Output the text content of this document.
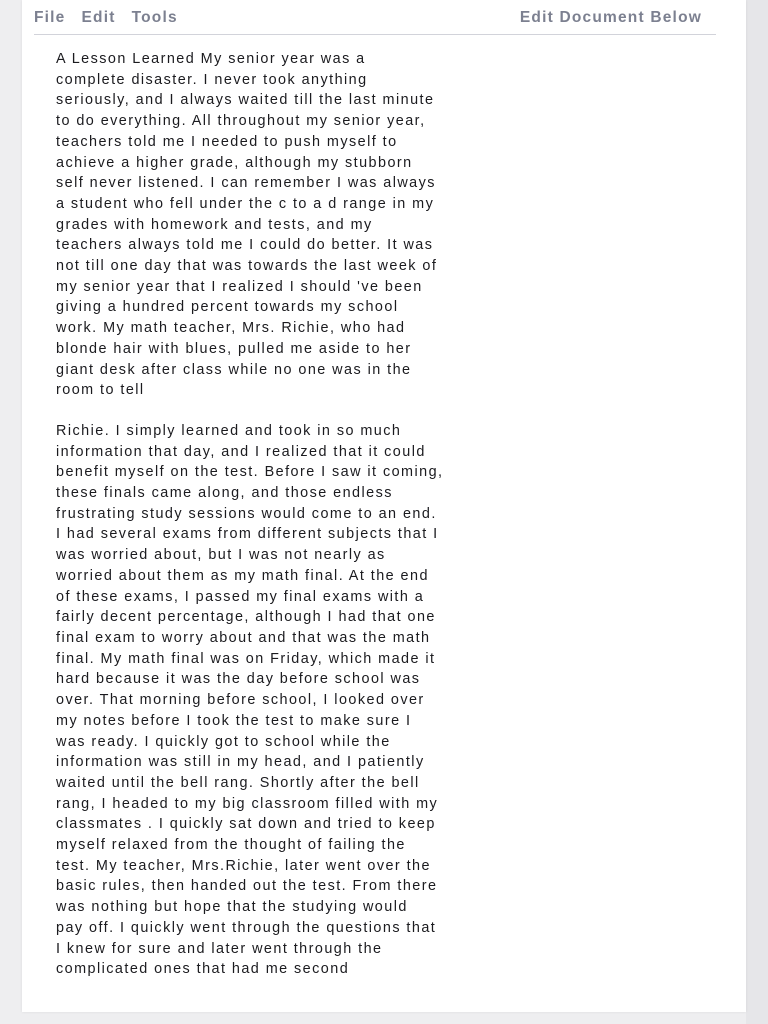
File Edit Tools	Edit Document Below

A Lesson Learned My senior year was a
complete disaster. I never took anything
seriously, and I always waited till the last minute
to do everything. All throughout my senior year,
teachers told me I needed to push myself to
achieve a higher grade, although my stubborn
self never listened. I can remember I was always
a student who fell under the c to a d range in my
grades with homework and tests, and my
teachers always told me I could do better. It was
not till one day that was towards the last week of
my senior year that I realized I should 've been
giving a hundred percent towards my school
work. My math teacher, Mrs. Richie, who had
blonde hair with blues, pulled me aside to her
giant desk after class while no one was in the
room to tell

Richie. I simply learned and took in so much
information that day, and I realized that it could
benefit myself on the test. Before I saw it coming,
these finals came along, and those endless
frustrating study sessions would come to an end.
I had several exams from different subjects that I
was worried about, but I was not nearly as
worried about them as my math final. At the end
of these exams, I passed my final exams with a
fairly decent percentage, although I had that one
final exam to worry about and that was the math
final. My math final was on Friday, which made it
hard because it was the day before school was
over. That morning before school, I looked over
my notes before I took the test to make sure I
was ready. I quickly got to school while the
information was still in my head, and I patiently
waited until the bell rang. Shortly after the bell
rang, I headed to my big classroom filled with my
classmates . I quickly sat down and tried to keep
myself relaxed from the thought of failing the
test. My teacher, Mrs.Richie, later went over the
basic rules, then handed out the test. From there
was nothing but hope that the studying would
pay off. I quickly went through the questions that
I knew for sure and later went through the
complicated ones that had me second
